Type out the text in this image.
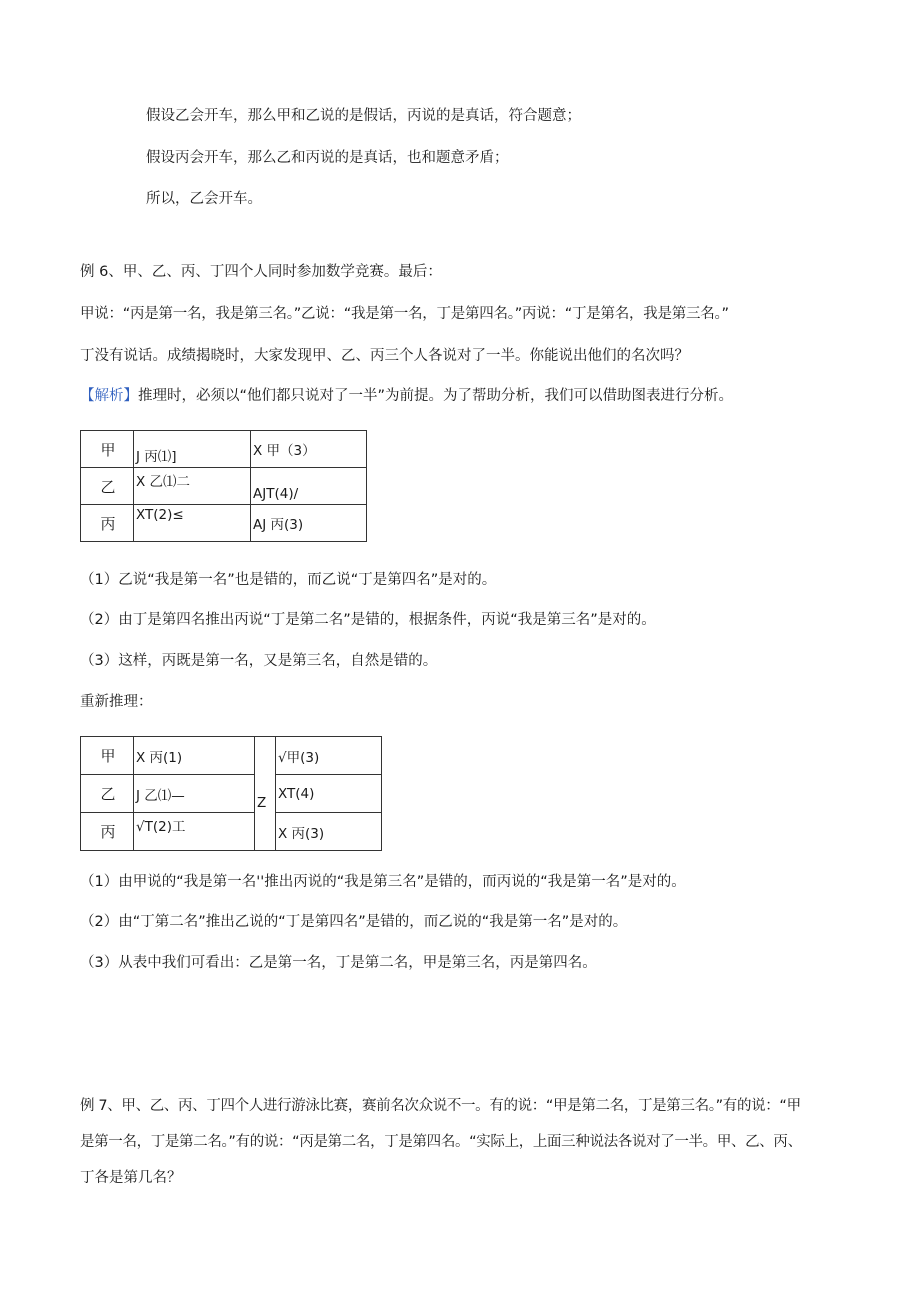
假设乙会开车，那么甲和乙说的是假话，丙说的是真话，符合题意；
假设丙会开车，那么乙和丙说的是真话，也和题意矛盾；
所以，乙会开车。
例 6、甲、乙、丙、丁四个人同时参加数学竞赛。最后：
甲说：“丙是第一名，我是第三名。”乙说：“我是第一名，丁是第四名。”丙说：“丁是第名，我是第三名。”
丁没有说话。成绩揭晓时，大家发现甲、乙、丙三个人各说对了一半。你能说出他们的名次吗？
【解析】推理时，必须以“他们都只说对了一半”为前提。为了帮助分析，我们可以借助图表进行分析。
甲	J 丙⑴]	X 甲（3）
乙	X 乙⑴二	AJT(4)/
丙	XT(2)≤	AJ 丙(3)
（1）乙说“我是第一名”也是错的，而乙说“丁是第四名”是对的。
（2）由丁是第四名推出丙说“丁是第二名”是错的，根据条件，丙说“我是第三名”是对的。
（3）这样，丙既是第一名，又是第三名，自然是错的。
重新推理：
甲	X 丙(1)		√甲(3)
乙	J 乙⑴—	Z	XT(4)
丙	√T(2)工		X 丙(3)
（1）由甲说的“我是第一名''推出丙说的“我是第三名”是错的，而丙说的“我是第一名”是对的。
（2）由“丁第二名”推出乙说的“丁是第四名”是错的，而乙说的“我是第一名”是对的。
（3）从表中我们可看出：乙是第一名，丁是第二名，甲是第三名，丙是第四名。
例 7、甲、乙、丙、丁四个人进行游泳比赛，赛前名次众说不一。有的说：“甲是第二名，丁是第三名。”有的说：“甲
是第一名，丁是第二名。”有的说：“丙是第二名，丁是第四名。“实际上，上面三种说法各说对了一半。甲、乙、丙、
丁各是第几名？
